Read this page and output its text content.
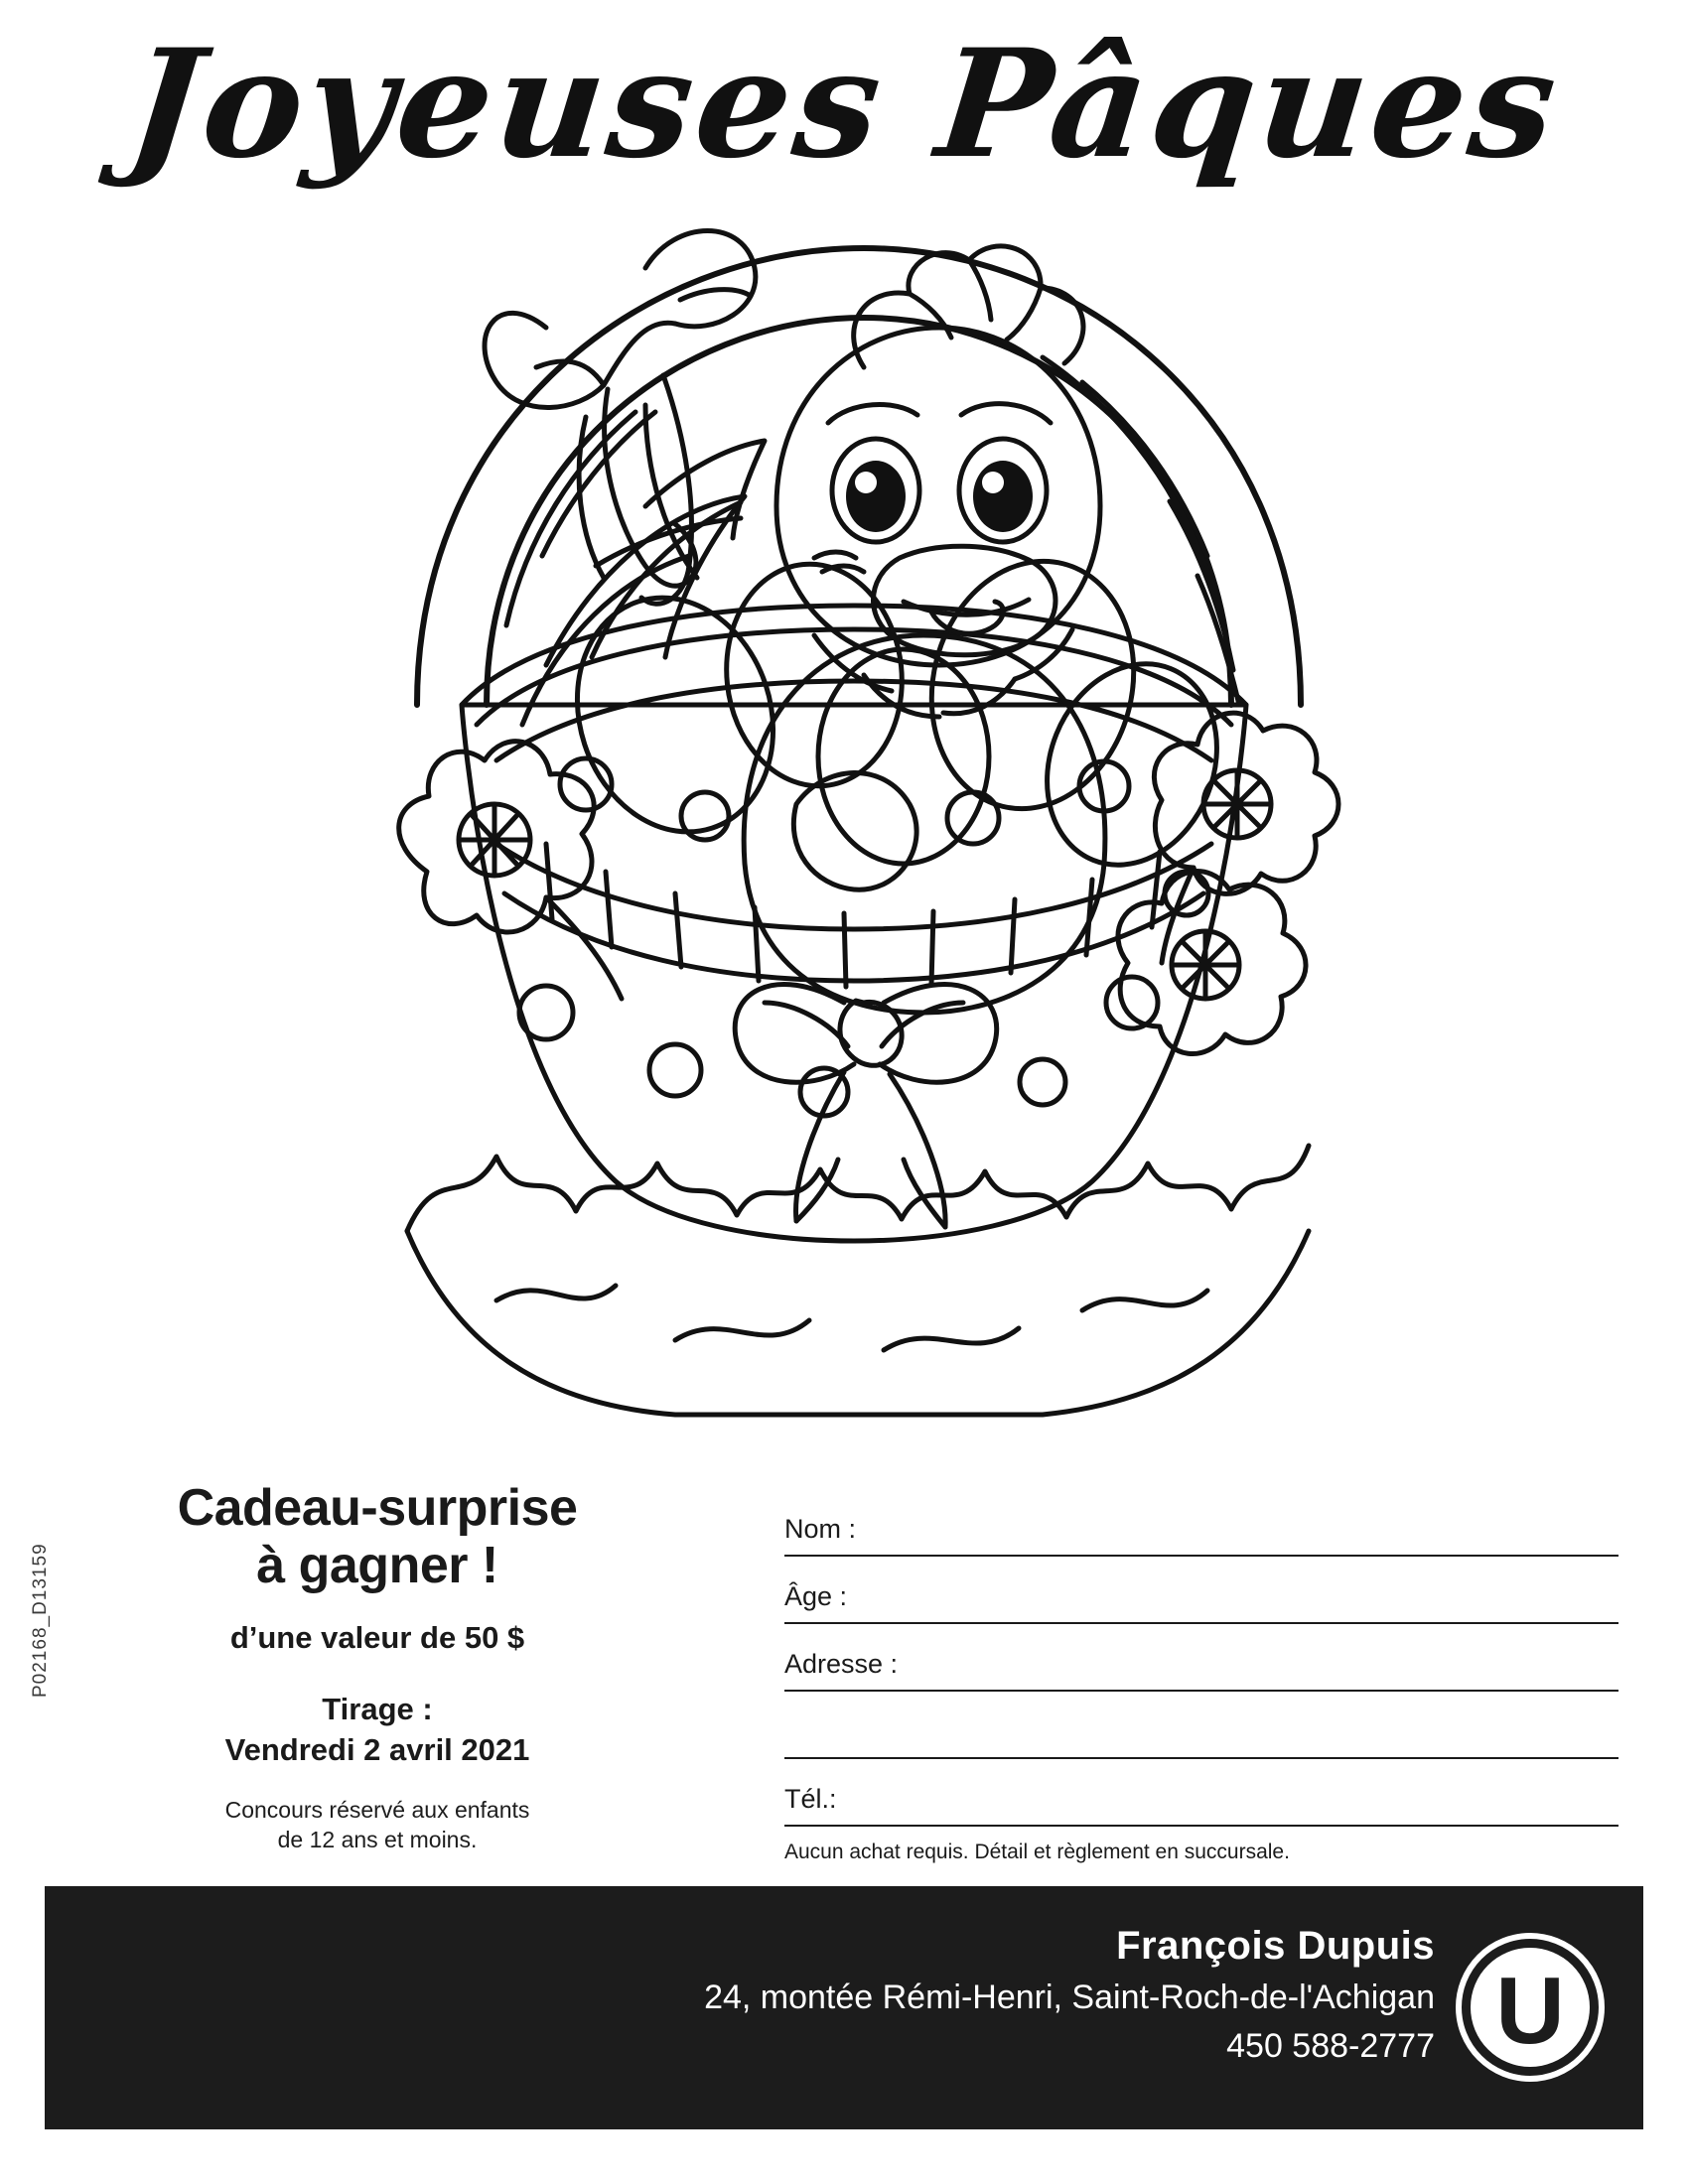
Joyeuses Pâques
Cadeau-surprise
à gagner !
d’une valeur de 50 $
Tirage :
Vendredi 2 avril 2021
Concours réservé aux enfants
de 12 ans et moins.
P02168_D13159
Nom :
Âge :
Adresse :
Tél.:
Aucun achat requis. Détail et règlement en succursale.
François Dupuis
24, montée Rémi-Henri, Saint-Roch-de-l'Achigan
450 588-2777 U
